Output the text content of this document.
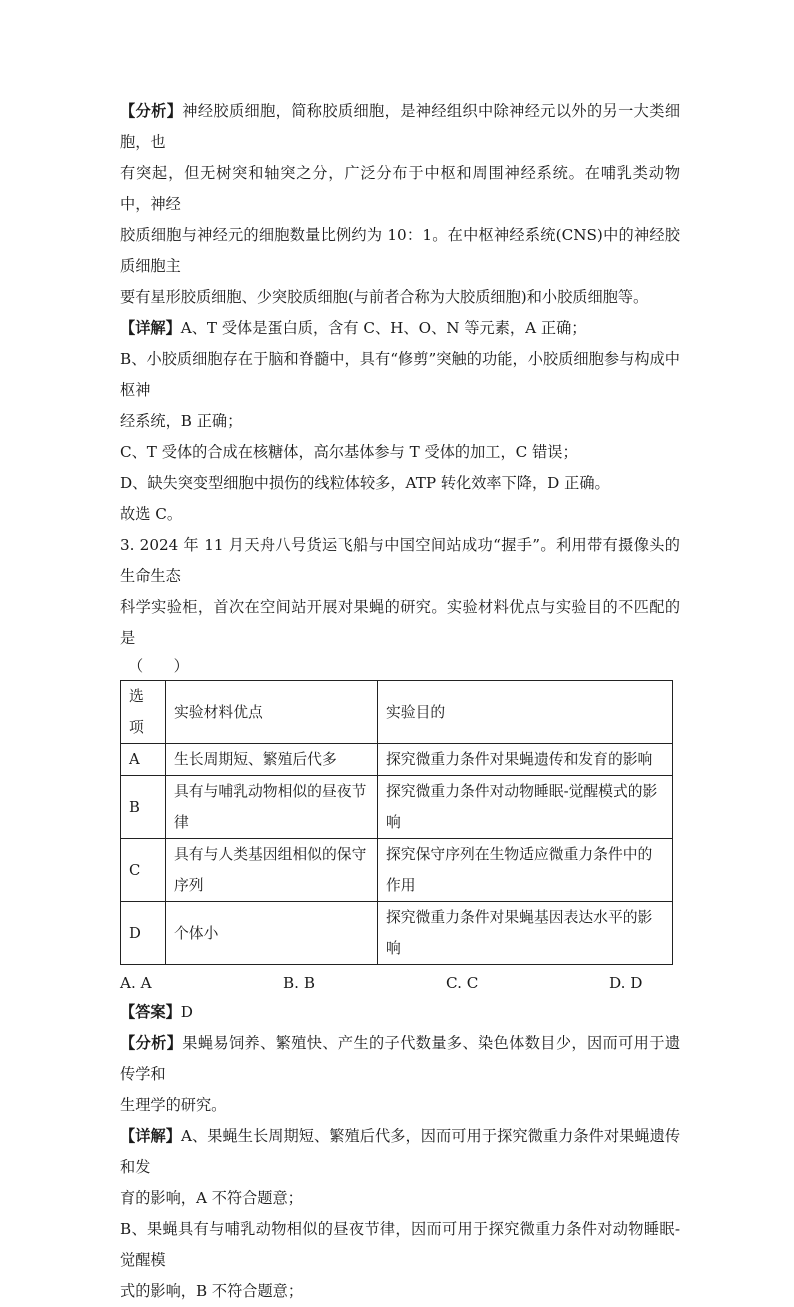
【分析】神经胶质细胞，简称胶质细胞，是神经组织中除神经元以外的另一大类细胞，也

有突起，但无树突和轴突之分，广泛分布于中枢和周围神经系统。在哺乳类动物中，神经

胶质细胞与神经元的细胞数量比例约为 10：1。在中枢神经系统(CNS)中的神经胶质细胞主

要有星形胶质细胞、少突胶质细胞(与前者合称为大胶质细胞)和小胶质细胞等。

【详解】A、T 受体是蛋白质，含有 C、H、O、N 等元素，A 正确；

B、小胶质细胞存在于脑和脊髓中，具有“修剪”突触的功能，小胶质细胞参与构成中枢神

经系统，B 正确；

C、T 受体的合成在核糖体，高尔基体参与 T 受体的加工，C 错误；

D、缺失突变型细胞中损伤的线粒体较多，ATP 转化效率下降，D 正确。

故选 C。

3. 2024 年 11 月天舟八号货运飞船与中国空间站成功“握手”。利用带有摄像头的生命生态

科学实验柜，首次在空间站开展对果蝇的研究。实验材料优点与实验目的不匹配的是

（　　）

选项	实验材料优点	实验目的
A	生长周期短、繁殖后代多	探究微重力条件对果蝇遗传和发育的影响
B	具有与哺乳动物相似的昼夜节律	探究微重力条件对动物睡眠-觉醒模式的影响
C	具有与人类基因组相似的保守序列	探究保守序列在生物适应微重力条件中的作用
D	个体小	探究微重力条件对果蝇基因表达水平的影响
A. A	B. B	C. C	D. D

【答案】D

【分析】果蝇易饲养、繁殖快、产生的子代数量多、染色体数目少，因而可用于遗传学和

生理学的研究。

【详解】A、果蝇生长周期短、繁殖后代多，因而可用于探究微重力条件对果蝇遗传和发

育的影响，A 不符合题意；

B、果蝇具有与哺乳动物相似的昼夜节律，因而可用于探究微重力条件对动物睡眠-觉醒模

式的影响，B 不符合题意；
